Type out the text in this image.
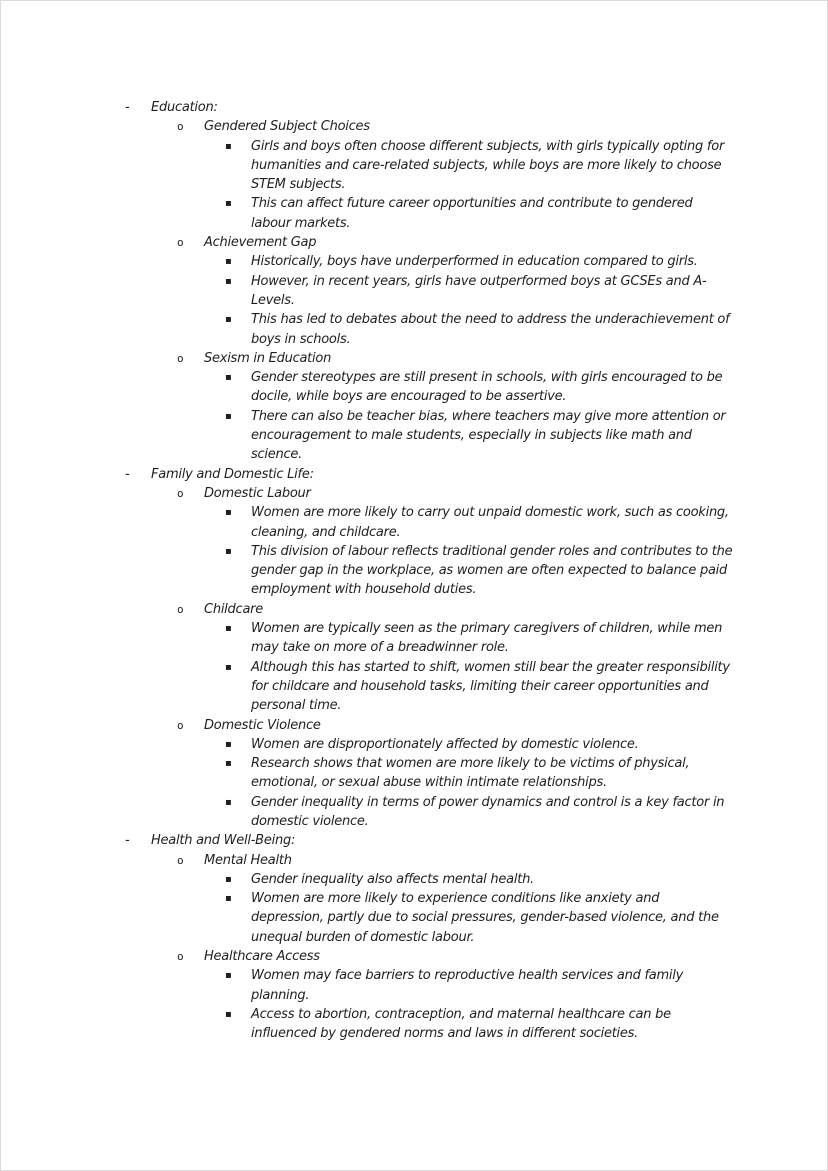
-	Education:
o	Gendered Subject Choices
▪	Girls and boys often choose different subjects, with girls typically opting for humanities and care-related subjects, while boys are more likely to choose STEM subjects.
▪	This can affect future career opportunities and contribute to gendered labour markets.
o	Achievement Gap
▪	Historically, boys have underperformed in education compared to girls.
▪	However, in recent years, girls have outperformed boys at GCSEs and A-Levels.
▪	This has led to debates about the need to address the underachievement of boys in schools.
o	Sexism in Education
▪	Gender stereotypes are still present in schools, with girls encouraged to be docile, while boys are encouraged to be assertive.
▪	There can also be teacher bias, where teachers may give more attention or encouragement to male students, especially in subjects like math and science.
-	Family and Domestic Life:
o	Domestic Labour
▪	Women are more likely to carry out unpaid domestic work, such as cooking, cleaning, and childcare.
▪	This division of labour reflects traditional gender roles and contributes to the gender gap in the workplace, as women are often expected to balance paid employment with household duties.
o	Childcare
▪	Women are typically seen as the primary caregivers of children, while men may take on more of a breadwinner role.
▪	Although this has started to shift, women still bear the greater responsibility for childcare and household tasks, limiting their career opportunities and personal time.
o	Domestic Violence
▪	Women are disproportionately affected by domestic violence.
▪	Research shows that women are more likely to be victims of physical, emotional, or sexual abuse within intimate relationships.
▪	Gender inequality in terms of power dynamics and control is a key factor in domestic violence.
-	Health and Well-Being:
o	Mental Health
▪	Gender inequality also affects mental health.
▪	Women are more likely to experience conditions like anxiety and depression, partly due to social pressures, gender-based violence, and the unequal burden of domestic labour.
o	Healthcare Access
▪	Women may face barriers to reproductive health services and family planning.
▪	Access to abortion, contraception, and maternal healthcare can be influenced by gendered norms and laws in different societies.
